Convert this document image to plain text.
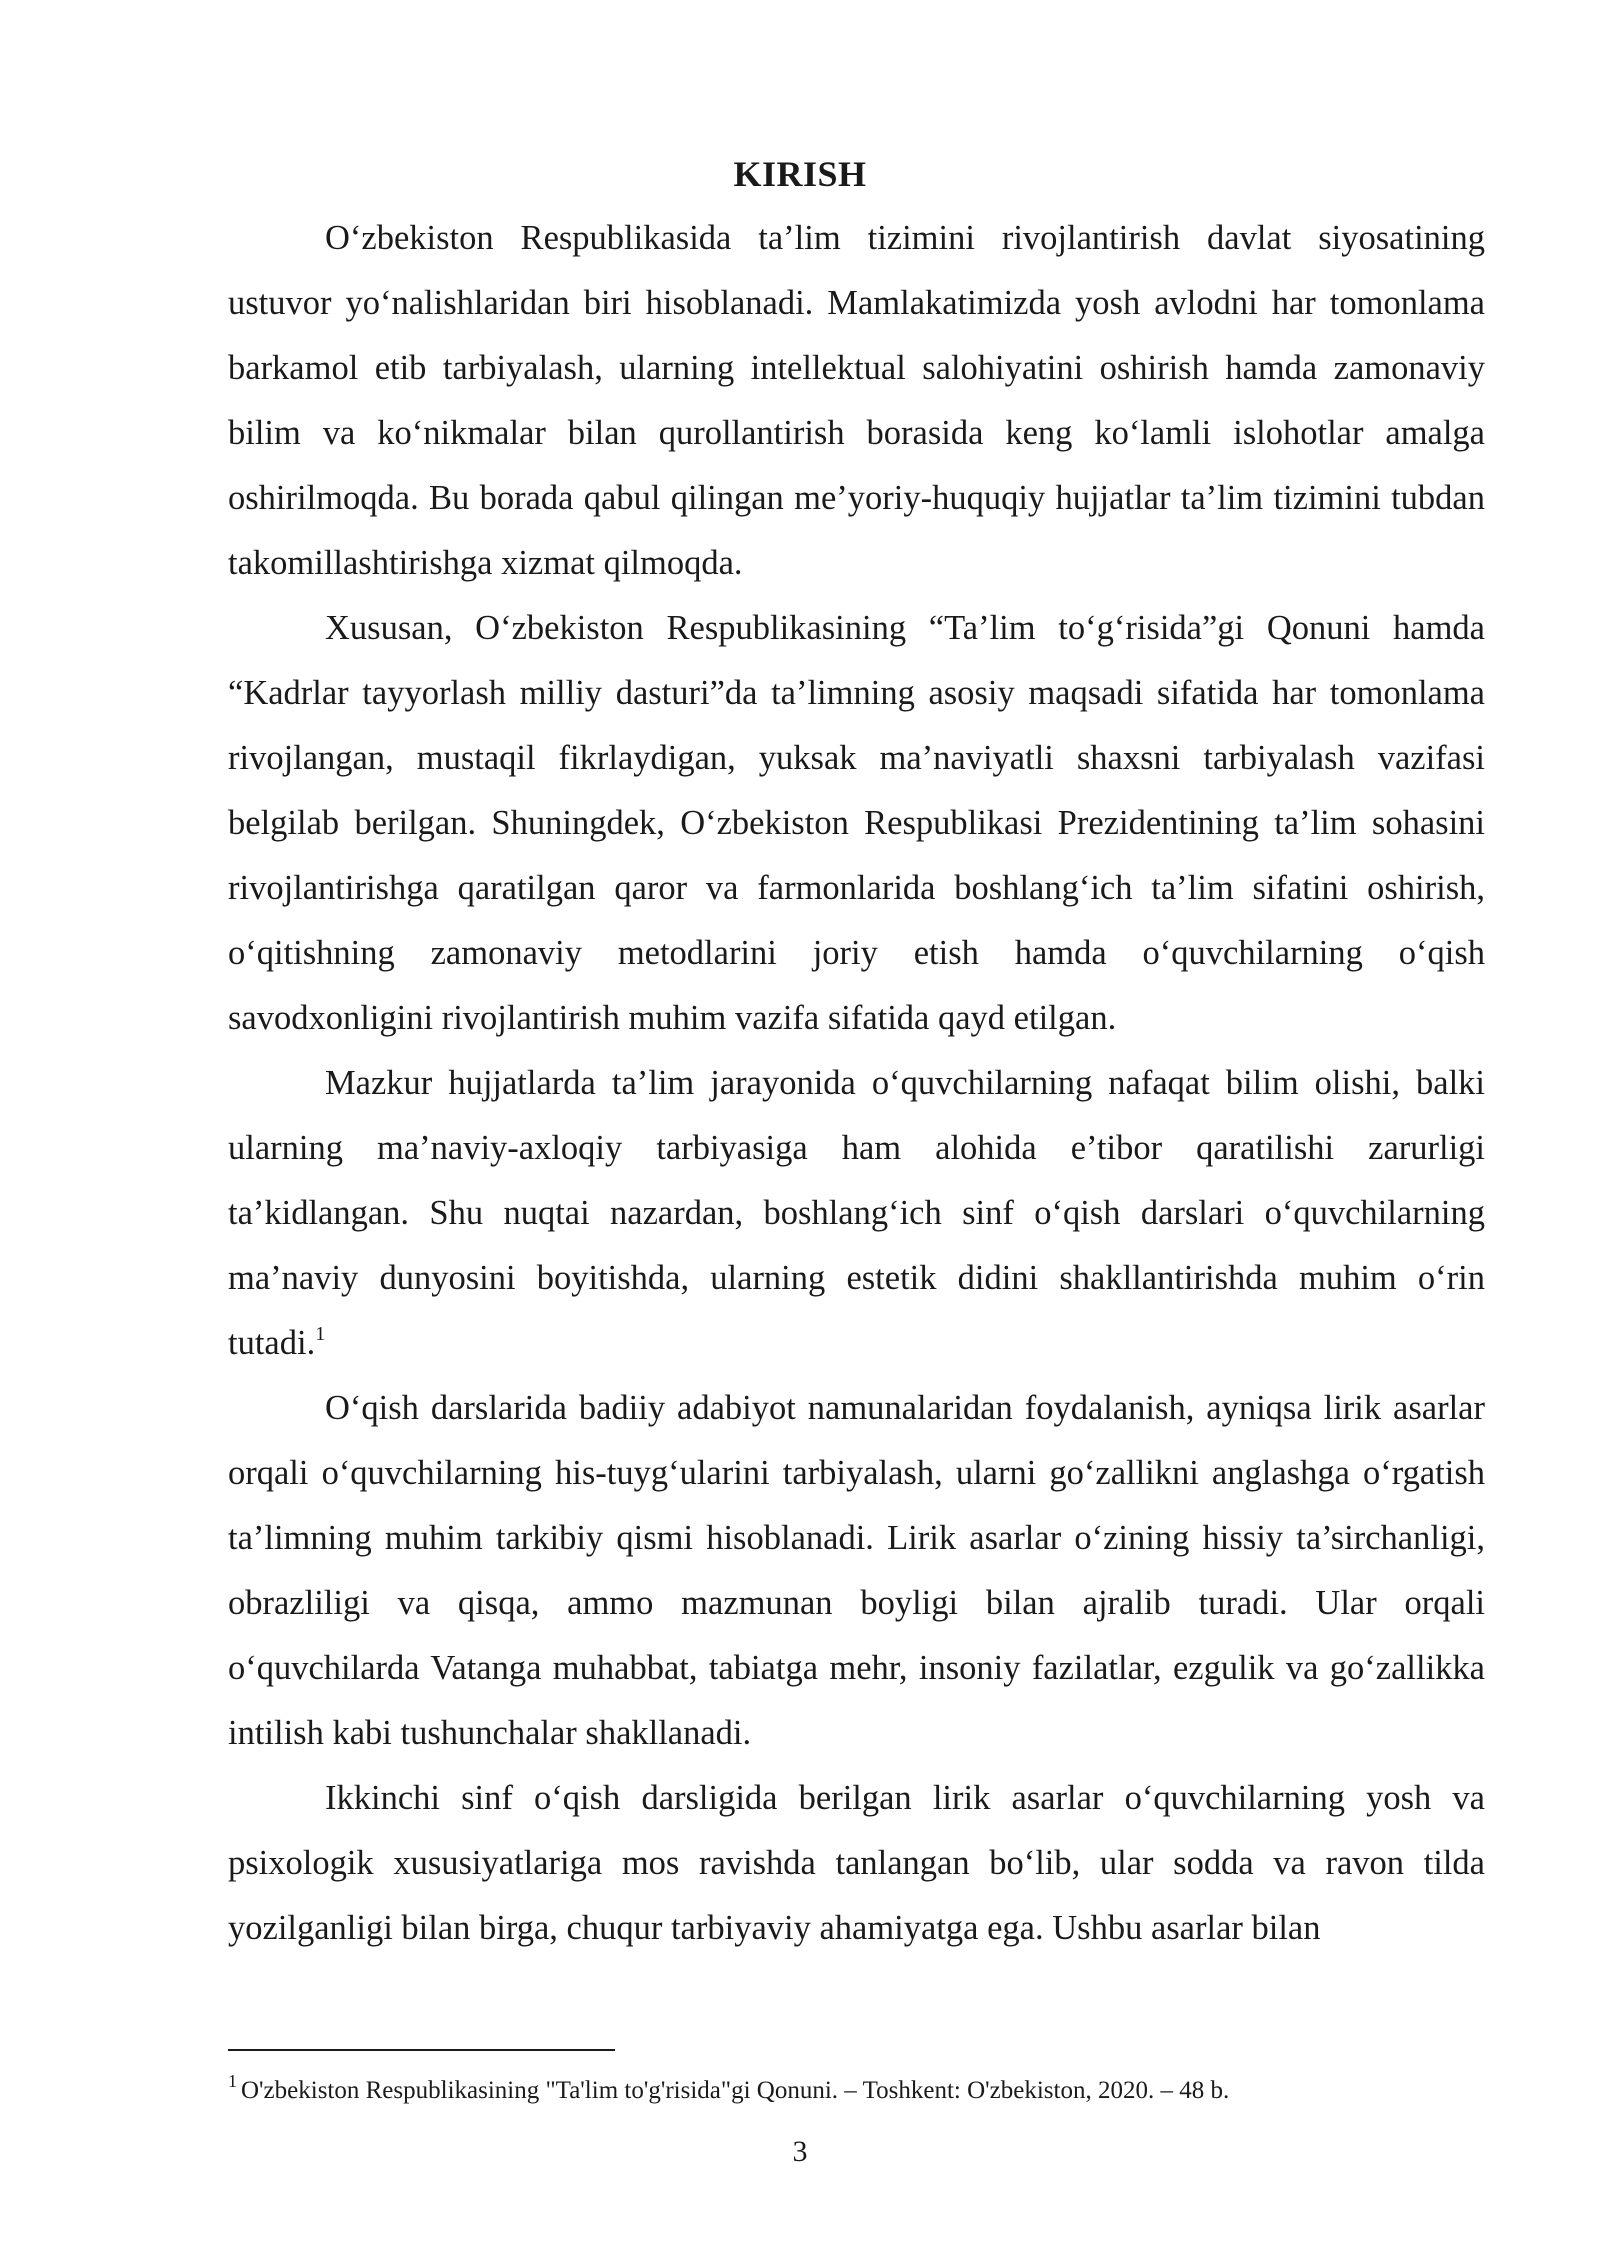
KIRISH

O‘zbekiston Respublikasida ta’lim tizimini rivojlantirish davlat siyosatining ustuvor yo‘nalishlaridan biri hisoblanadi. Mamlakatimizda yosh avlodni har tomonlama barkamol etib tarbiyalash, ularning intellektual salohiyatini oshirish hamda zamonaviy bilim va ko‘nikmalar bilan qurollantirish borasida keng ko‘lamli islohotlar amalga oshirilmoqda. Bu borada qabul qilingan me’yoriy-huquqiy hujjatlar ta’lim tizimini tubdan takomillashtirishga xizmat qilmoqda.

Xususan, O‘zbekiston Respublikasining “Ta’lim to‘g‘risida”gi Qonuni hamda “Kadrlar tayyorlash milliy dasturi”da ta’limning asosiy maqsadi sifatida har tomonlama rivojlangan, mustaqil fikrlaydigan, yuksak ma’naviyatli shaxsni tarbiyalash vazifasi belgilab berilgan. Shuningdek, O‘zbekiston Respublikasi Prezidentining ta’lim sohasini rivojlantirishga qaratilgan qaror va farmonlarida boshlang‘ich ta’lim sifatini oshirish, o‘qitishning zamonaviy metodlarini joriy etish hamda o‘quvchilarning o‘qish savodxonligini rivojlantirish muhim vazifa sifatida qayd etilgan.

Mazkur hujjatlarda ta’lim jarayonida o‘quvchilarning nafaqat bilim olishi, balki ularning ma’naviy-axloqiy tarbiyasiga ham alohida e’tibor qaratilishi zarurligi ta’kidlangan. Shu nuqtai nazardan, boshlang‘ich sinf o‘qish darslari o‘quvchilarning ma’naviy dunyosini boyitishda, ularning estetik didini shakllantirishda muhim o‘rin tutadi.$^1$

O‘qish darslarida badiiy adabiyot namunalaridan foydalanish, ayniqsa lirik asarlar orqali o‘quvchilarning his-tuyg‘ularini tarbiyalash, ularni go‘zallikni anglashga o‘rgatish ta’limning muhim tarkibiy qismi hisoblanadi. Lirik asarlar o‘zining hissiy ta’sirchanligi, obrazliligi va qisqa, ammo mazmunan boyligi bilan ajralib turadi. Ular orqali o‘quvchilarda Vatanga muhabbat, tabiatga mehr, insoniy fazilatlar, ezgulik va go‘zallikka intilish kabi tushunchalar shakllanadi.

Ikkinchi sinf o‘qish darsligida berilgan lirik asarlar o‘quvchilarning yosh va psixologik xususiyatlariga mos ravishda tanlangan bo‘lib, ular sodda va ravon tilda yozilganligi bilan birga, chuqur tarbiyaviy ahamiyatga ega. Ushbu asarlar bilan

$^1$ O'zbekiston Respublikasining "Ta'lim to'g'risida"gi Qonuni. – Toshkent: O'zbekiston, 2020. – 48 b.
3
